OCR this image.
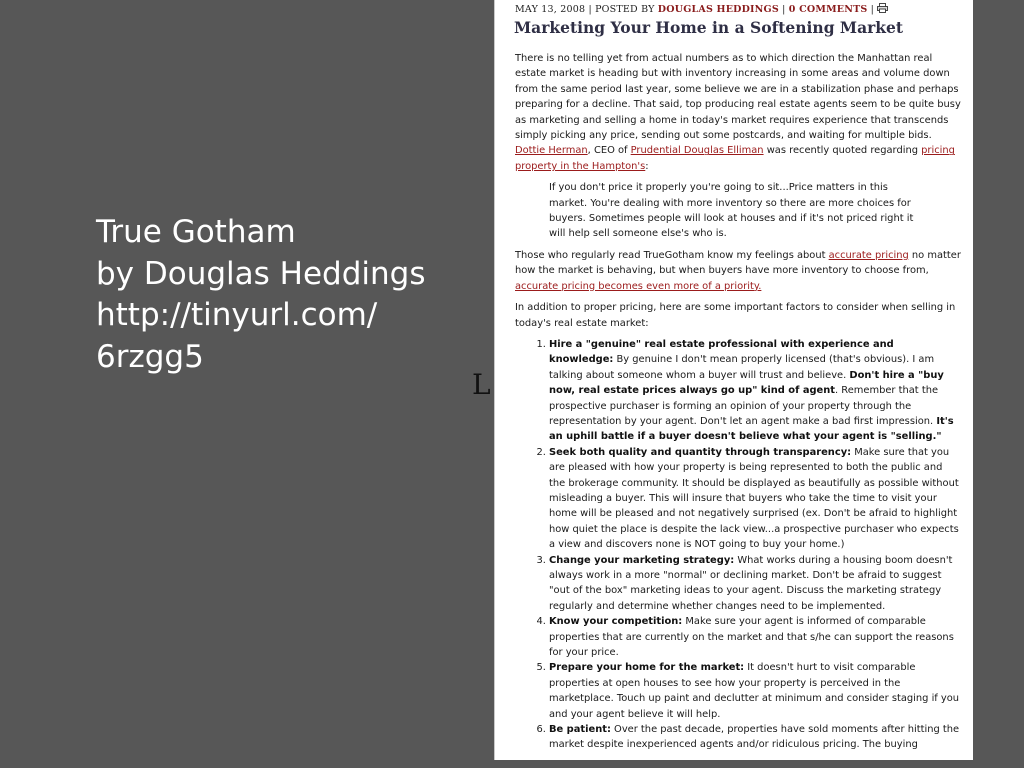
True Gotham
by Douglas Heddings
http://tinyurl.com/
6rzgg5
L
MAY 13, 2008 | POSTED BY DOUGLAS HEDDINGS | 0 COMMENTS |
Marketing Your Home in a Softening Market

There is no telling yet from actual numbers as to which direction the Manhattan real estate market is heading but with inventory increasing in some areas and volume down from the same period last year, some believe we are in a stabilization phase and perhaps preparing for a decline. That said, top producing real estate agents seem to be quite busy as marketing and selling a home in today's market requires experience that transcends simply picking any price, sending out some postcards, and waiting for multiple bids. Dottie Herman, CEO of Prudential Douglas Elliman was recently quoted regarding pricing property in the Hampton's:

If you don't price it properly you're going to sit...Price matters in this market. You're dealing with more inventory so there are more choices for buyers. Sometimes people will look at houses and if it's not priced right it will help sell someone else's who is.

Those who regularly read TrueGotham know my feelings about accurate pricing no matter how the market is behaving, but when buyers have more inventory to choose from, accurate pricing becomes even more of a priority.

In addition to proper pricing, here are some important factors to consider when selling in today's real estate market:

1. Hire a "genuine" real estate professional with experience and knowledge: By genuine I don't mean properly licensed (that's obvious). I am talking about someone whom a buyer will trust and believe. Don't hire a "buy now, real estate prices always go up" kind of agent. Remember that the prospective purchaser is forming an opinion of your property through the representation by your agent. Don't let an agent make a bad first impression. It's an uphill battle if a buyer doesn't believe what your agent is "selling."
2. Seek both quality and quantity through transparency: Make sure that you are pleased with how your property is being represented to both the public and the brokerage community. It should be displayed as beautifully as possible without misleading a buyer. This will insure that buyers who take the time to visit your home will be pleased and not negatively surprised (ex. Don't be afraid to highlight how quiet the place is despite the lack view...a prospective purchaser who expects a view and discovers none is NOT going to buy your home.)
3. Change your marketing strategy: What works during a housing boom doesn't always work in a more "normal" or declining market. Don't be afraid to suggest "out of the box" marketing ideas to your agent. Discuss the marketing strategy regularly and determine whether changes need to be implemented.
4. Know your competition: Make sure your agent is informed of comparable properties that are currently on the market and that s/he can support the reasons for your price.
5. Prepare your home for the market: It doesn't hurt to visit comparable properties at open houses to see how your property is perceived in the marketplace. Touch up paint and declutter at minimum and consider staging if you and your agent believe it will help.
6. Be patient: Over the past decade, properties have sold moments after hitting the market despite inexperienced agents and/or ridiculous pricing. The buying
